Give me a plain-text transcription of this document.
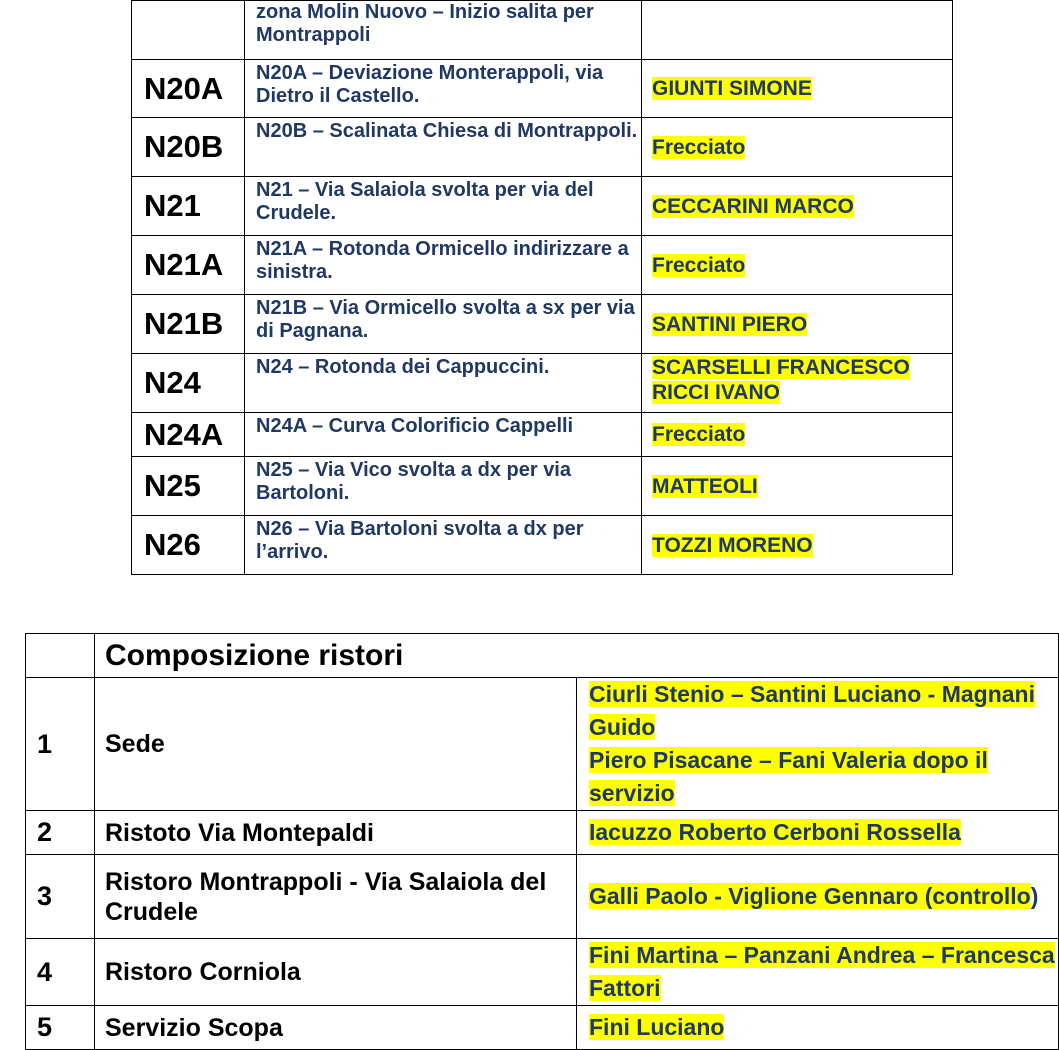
	zona Molin Nuovo – Inizio salita per Montrappoli	
N20A	N20A – Deviazione Monterappoli, via Dietro il Castello.	GIUNTI SIMONE
N20B	N20B – Scalinata Chiesa di Montrappoli.	Frecciato
N21	N21 – Via Salaiola svolta per via del Crudele.	CECCARINI MARCO
N21A	N21A – Rotonda Ormicello indirizzare a sinistra.	Frecciato
N21B	N21B – Via Ormicello svolta a sx per via di Pagnana.	SANTINI PIERO
N24	N24 – Rotonda dei Cappuccini.	SCARSELLI FRANCESCO
RICCI IVANO
N24A	N24A – Curva Colorificio Cappelli	Frecciato
N25	N25 – Via Vico svolta a dx per via Bartoloni.	MATTEOLI
N26	N26 – Via Bartoloni svolta a dx per l’arrivo.	TOZZI MORENO
	Composizione ristori	
1	Sede	Ciurli Stenio – Santini Luciano - Magnani Guido
Piero Pisacane – Fani Valeria dopo il servizio
2	Ristoto Via Montepaldi	Iacuzzo Roberto Cerboni Rossella
3	Ristoro Montrappoli - Via Salaiola del Crudele	Galli Paolo - Viglione Gennaro (controllo)
4	Ristoro Corniola	Fini Martina – Panzani Andrea – Francesca Fattori
5	Servizio Scopa	Fini Luciano
